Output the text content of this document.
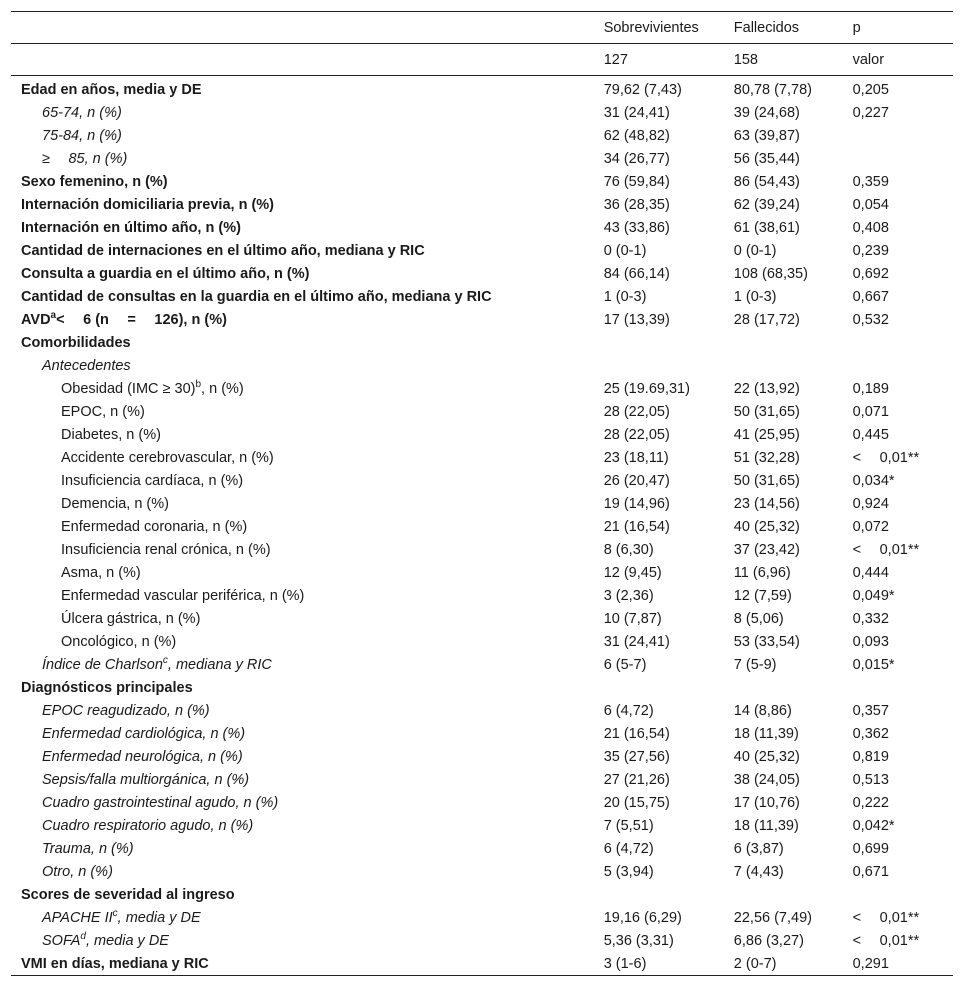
	Sobrevivientes	Fallecidos	p
	127	158	valor
Edad en años, media y DE	79,62 (7,43)	80,78 (7,78)	0,205
65-74, n (%)	31 (24,41)	39 (24,68)	0,227
75-84, n (%)	62 (48,82)	63 (39,87)	
≥  85, n (%)	34 (26,77)	56 (35,44)	
Sexo femenino, n (%)	76 (59,84)	86 (54,43)	0,359
Internación domiciliaria previa, n (%)	36 (28,35)	62 (39,24)	0,054
Internación en último año, n (%)	43 (33,86)	61 (38,61)	0,408
Cantidad de internaciones en el último año, mediana y RIC	0 (0-1)	0 (0-1)	0,239
Consulta a guardia en el último año, n (%)	84 (66,14)	108 (68,35)	0,692
Cantidad de consultas en la guardia en el último año, mediana y RIC	1 (0-3)	1 (0-3)	0,667
$AVD^a<$  6 (n  =  126), n (%)	17 (13,39)	28 (17,72)	0,532
Comorbilidades			
Antecedentes			
Obesidad (IMC ≥ 30)$^b$, n (%)	25 (19.69,31)	22 (13,92)	0,189
EPOC, n (%)	28 (22,05)	50 (31,65)	0,071
Diabetes, n (%)	28 (22,05)	41 (25,95)	0,445
Accidente cerebrovascular, n (%)	23 (18,11)	51 (32,28)	<  0,01**
Insuficiencia cardíaca, n (%)	26 (20,47)	50 (31,65)	0,034*
Demencia, n (%)	19 (14,96)	23 (14,56)	0,924
Enfermedad coronaria, n (%)	21 (16,54)	40 (25,32)	0,072
Insuficiencia renal crónica, n (%)	8 (6,30)	37 (23,42)	<  0,01**
Asma, n (%)	12 (9,45)	11 (6,96)	0,444
Enfermedad vascular periférica, n (%)	3 (2,36)	12 (7,59)	0,049*
Úlcera gástrica, n (%)	10 (7,87)	8 (5,06)	0,332
Oncológico, n (%)	31 (24,41)	53 (33,54)	0,093
Índice de Charlson$^c$, mediana y RIC	6 (5-7)	7 (5-9)	0,015*
Diagnósticos principales			
EPOC reagudizado, n (%)	6 (4,72)	14 (8,86)	0,357
Enfermedad cardiológica, n (%)	21 (16,54)	18 (11,39)	0,362
Enfermedad neurológica, n (%)	35 (27,56)	40 (25,32)	0,819
Sepsis/falla multiorgánica, n (%)	27 (21,26)	38 (24,05)	0,513
Cuadro gastrointestinal agudo, n (%)	20 (15,75)	17 (10,76)	0,222
Cuadro respiratorio agudo, n (%)	7 (5,51)	18 (11,39)	0,042*
Trauma, n (%)	6 (4,72)	6 (3,87)	0,699
Otro, n (%)	5 (3,94)	7 (4,43)	0,671
Scores de severidad al ingreso			
APACHE $II^c$, media y DE	19,16 (6,29)	22,56 (7,49)	<  0,01**
SOFA$^d$, media y DE	5,36 (3,31)	6,86 (3,27)	<  0,01**
VMI en días, mediana y RIC	3 (1-6)	2 (0-7)	0,291
